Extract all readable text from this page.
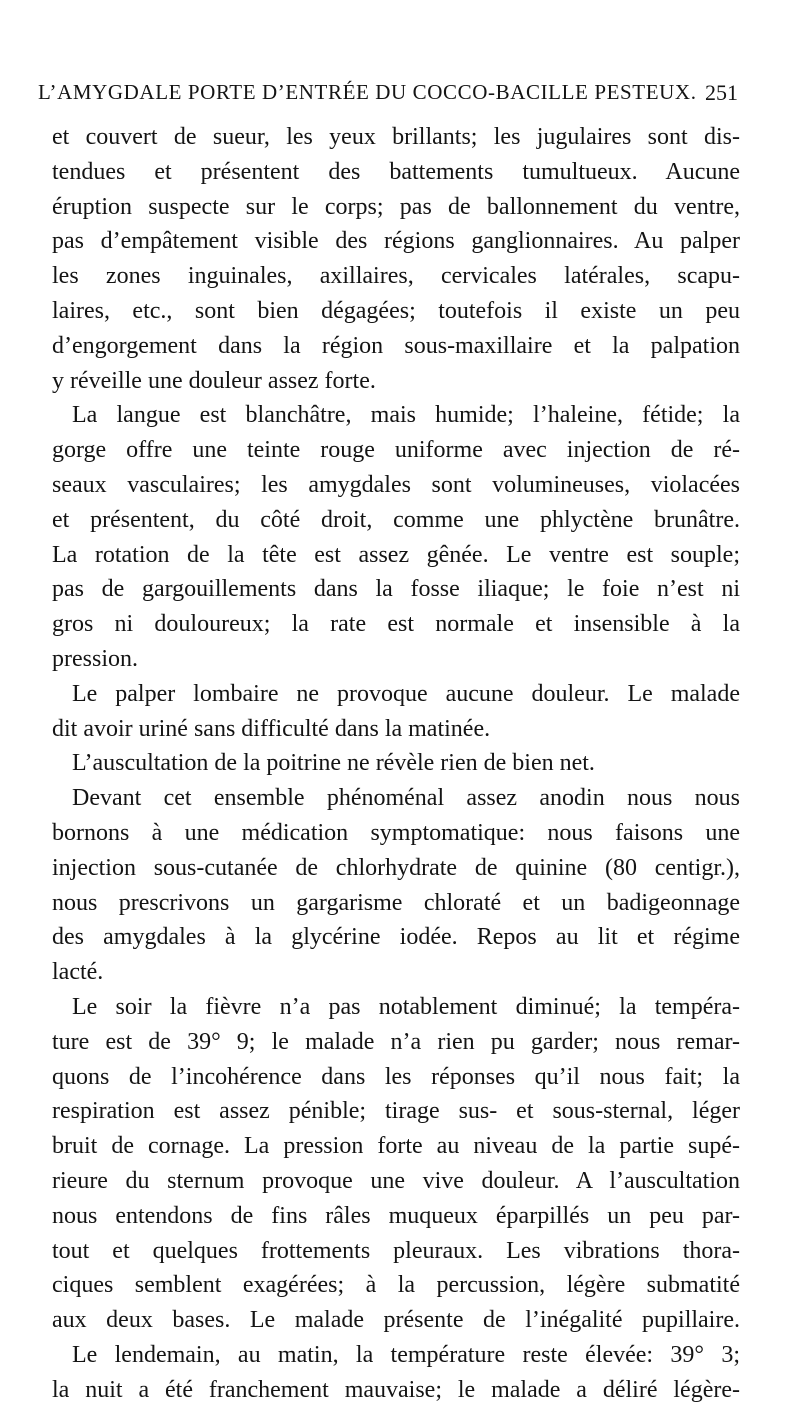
L’AMYGDALE PORTE D’ENTRÉE DU COCCO-BACILLE PESTEUX. 251
et couvert de sueur, les yeux brillants; les jugulaires sont dis-
tendues et présentent des battements tumultueux. Aucune
éruption suspecte sur le corps; pas de ballonnement du ventre,
pas d’empâtement visible des régions ganglionnaires. Au palper
les zones inguinales, axillaires, cervicales latérales, scapu-
laires, etc., sont bien dégagées; toutefois il existe un peu
d’engorgement dans la région sous-maxillaire et la palpation
y réveille une douleur assez forte.
La langue est blanchâtre, mais humide; l’haleine, fétide; la
gorge offre une teinte rouge uniforme avec injection de ré-
seaux vasculaires; les amygdales sont volumineuses, violacées
et présentent, du côté droit, comme une phlyctène brunâtre.
La rotation de la tête est assez gênée. Le ventre est souple;
pas de gargouillements dans la fosse iliaque; le foie n’est ni
gros ni douloureux; la rate est normale et insensible à la
pression.
Le palper lombaire ne provoque aucune douleur. Le malade
dit avoir uriné sans difficulté dans la matinée.
L’auscultation de la poitrine ne révèle rien de bien net.
Devant cet ensemble phénoménal assez anodin nous nous
bornons à une médication symptomatique: nous faisons une
injection sous-cutanée de chlorhydrate de quinine (80 centigr.),
nous prescrivons un gargarisme chloraté et un badigeonnage
des amygdales à la glycérine iodée. Repos au lit et régime
lacté.
Le soir la fièvre n’a pas notablement diminué; la tempéra-
ture est de 39° 9; le malade n’a rien pu garder; nous remar-
quons de l’incohérence dans les réponses qu’il nous fait; la
respiration est assez pénible; tirage sus- et sous-sternal, léger
bruit de cornage. La pression forte au niveau de la partie supé-
rieure du sternum provoque une vive douleur. A l’auscultation
nous entendons de fins râles muqueux éparpillés un peu par-
tout et quelques frottements pleuraux. Les vibrations thora-
ciques semblent exagérées; à la percussion, légère submatité
aux deux bases. Le malade présente de l’inégalité pupillaire.
Le lendemain, au matin, la température reste élevée: 39° 3;
la nuit a été franchement mauvaise; le malade a déliré légère-
